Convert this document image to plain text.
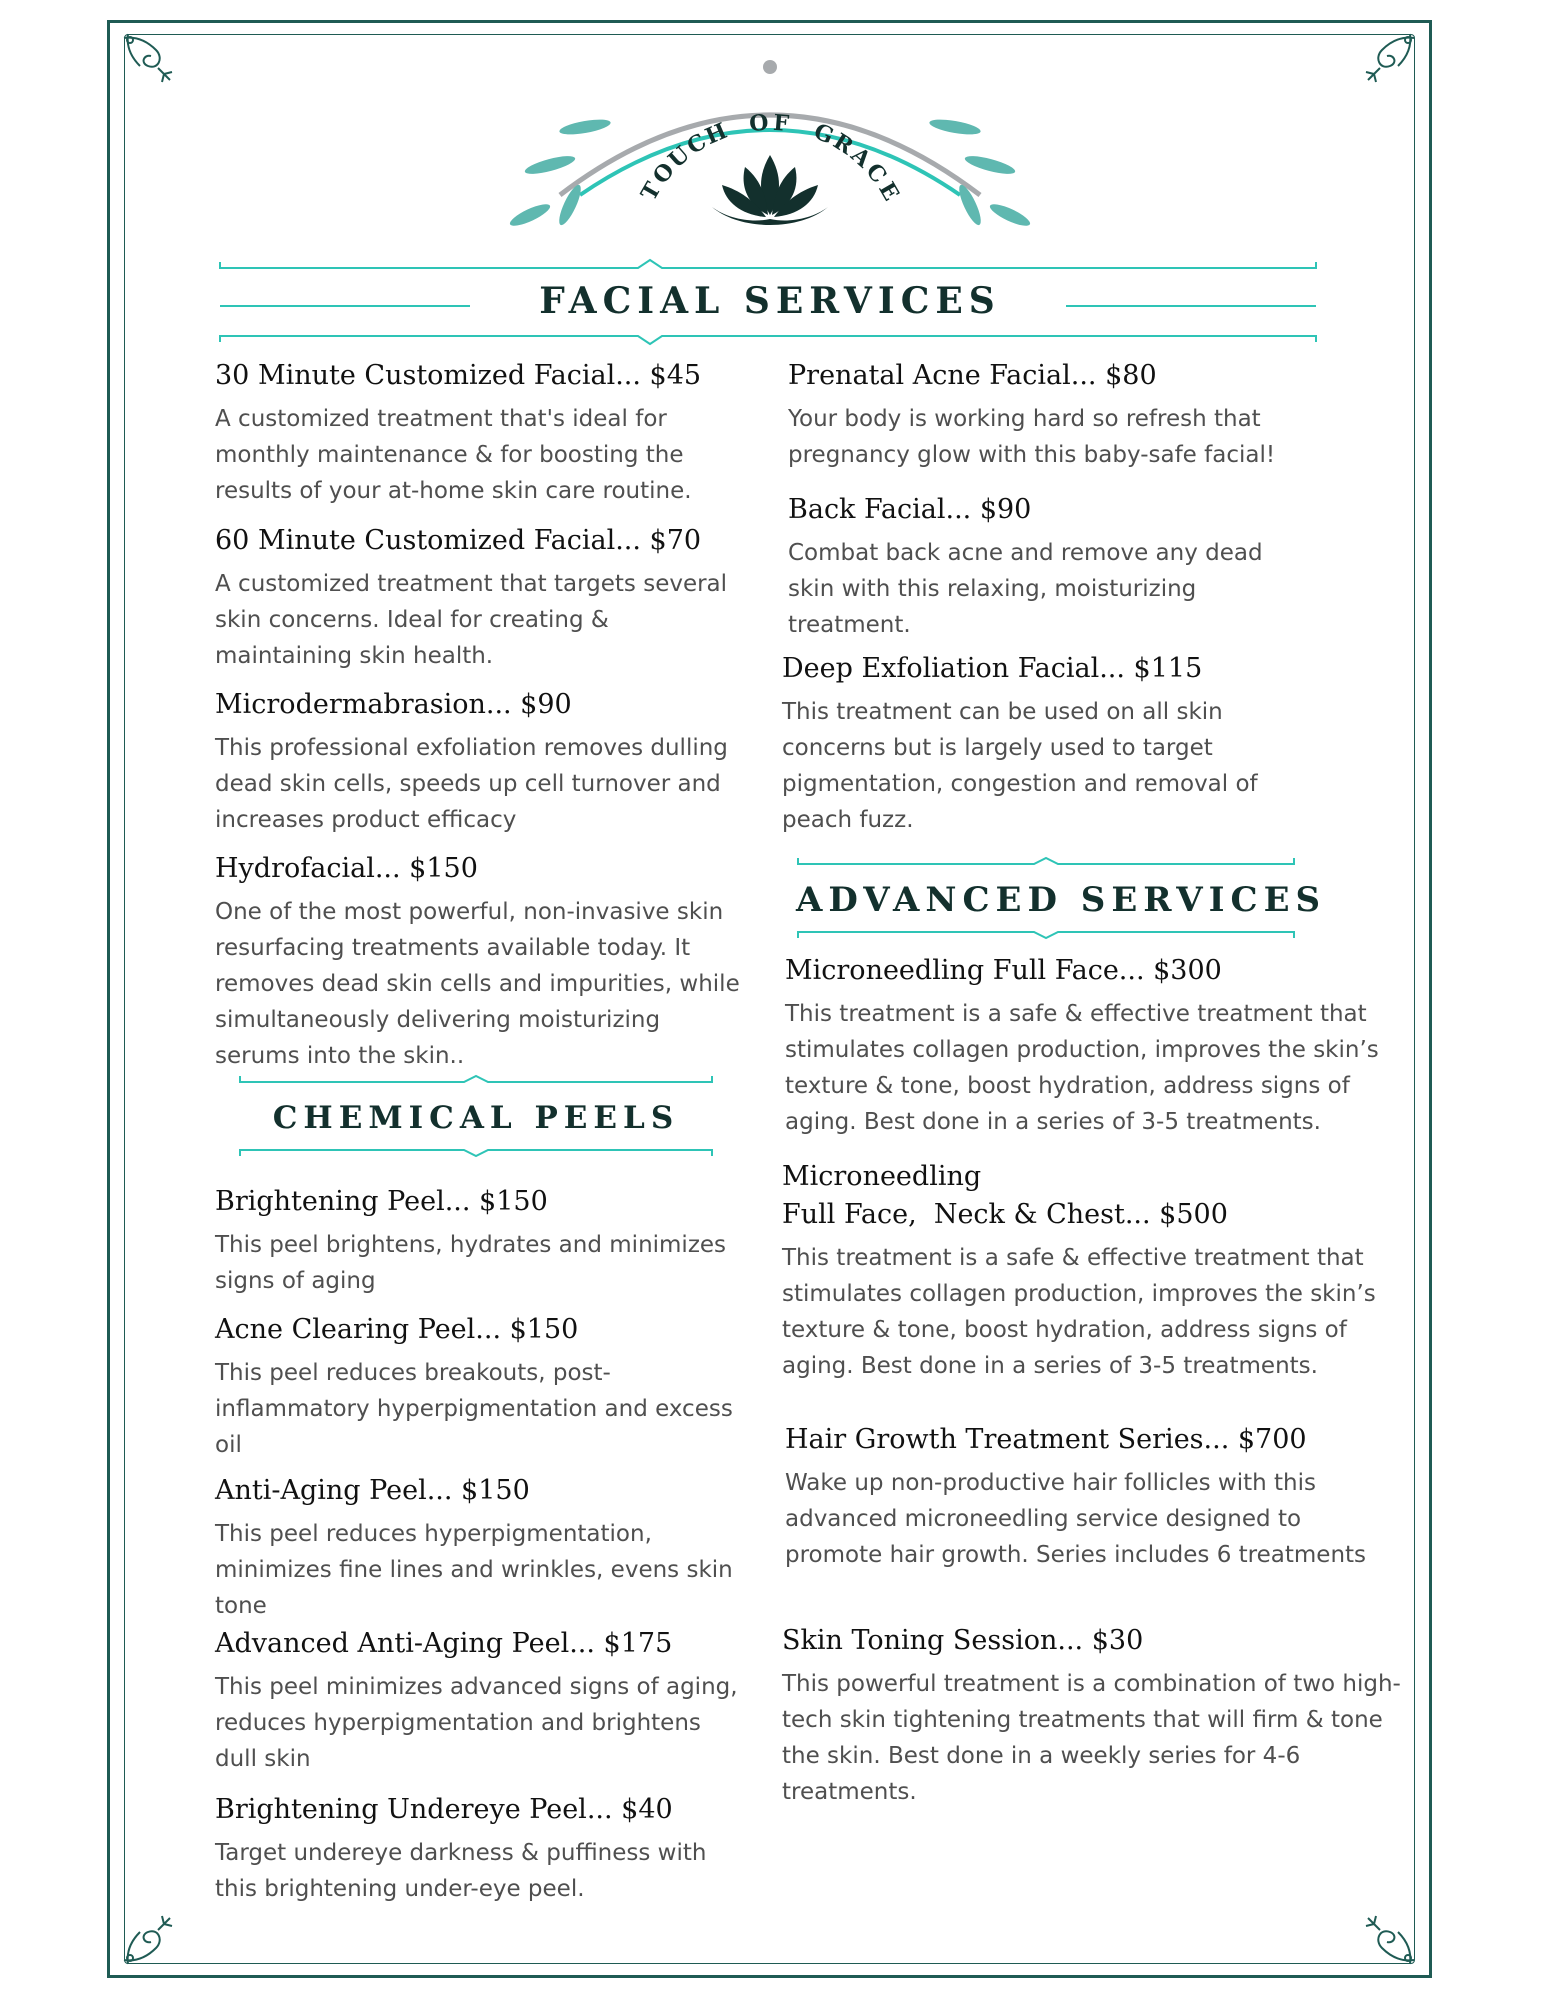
T
O
U
C
H O F G
R
A
C
E
FACIAL SERVICES
30 Minute Customized Facial... $45
A customized treatment that's ideal for monthly maintenance & for boosting the results of your at-home skin care routine.
60 Minute Customized Facial... $70
A customized treatment that targets several skin concerns. Ideal for creating & maintaining skin health.
Microdermabrasion... $90
This professional exfoliation removes dulling dead skin cells, speeds up cell turnover and increases product efficacy
Hydrofacial... $150
One of the most powerful, non-invasive skin resurfacing treatments available today. It removes dead skin cells and impurities, while simultaneously delivering moisturizing serums into the skin..
Prenatal Acne Facial... $80
Your body is working hard so refresh that pregnancy glow with this baby-safe facial!
Back Facial... $90
Combat back acne and remove any dead skin with this relaxing, moisturizing treatment.
Deep Exfoliation Facial... $115
This treatment can be used on all skin concerns but is largely used to target pigmentation, congestion and removal of peach fuzz.
CHEMICAL PEELS
Brightening Peel... $150
This peel brightens, hydrates and minimizes signs of aging
Acne Clearing Peel... $150
This peel reduces breakouts, post-inflammatory hyperpigmentation and excess oil
Anti-Aging Peel... $150
This peel reduces hyperpigmentation, minimizes fine lines and wrinkles, evens skin tone
Advanced Anti-Aging Peel... $175
This peel minimizes advanced signs of aging, reduces hyperpigmentation and brightens dull skin
Brightening Undereye Peel... $40
Target undereye darkness & puffiness with this brightening under-eye peel.
ADVANCED SERVICES
Microneedling Full Face... $300
This treatment is a safe & effective treatment that stimulates collagen production, improves the skin’s texture & tone, boost hydration, address signs of aging. Best done in a series of 3-5 treatments.
Microneedling
Full Face,  Neck & Chest... $500
This treatment is a safe & effective treatment that stimulates collagen production, improves the skin’s texture & tone, boost hydration, address signs of aging. Best done in a series of 3-5 treatments.
Hair Growth Treatment Series... $700
Wake up non-productive hair follicles with this advanced microneedling service designed to promote hair growth. Series includes 6 treatments
Skin Toning Session... $30
This powerful treatment is a combination of two high-tech skin tightening treatments that will firm & tone the skin. Best done in a weekly series for 4-6 treatments.
